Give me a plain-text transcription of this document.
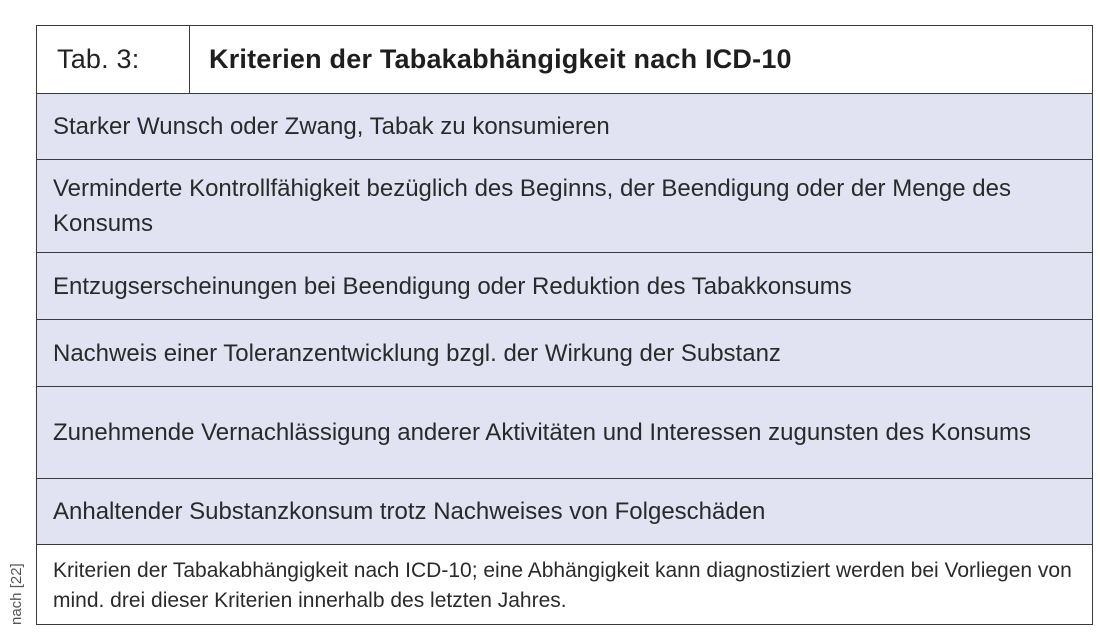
Tab. 3:	Kriterien der Tabakabhängigkeit nach ICD-10
Starker Wunsch oder Zwang, Tabak zu konsumieren
Verminderte Kontrollfähigkeit bezüglich des Beginns, der Beendigung oder der Menge des Konsums
Entzugserscheinungen bei Beendigung oder Reduktion des Tabakkonsums
Nachweis einer Toleranzentwicklung bzgl. der Wirkung der Substanz
Zunehmende Vernachlässigung anderer Aktivitäten und Interessen zugunsten des Konsums
Anhaltender Substanzkonsum trotz Nachweises von Folgeschäden
Kriterien der Tabakabhängigkeit nach ICD-10; eine Abhängigkeit kann diagnostiziert werden bei Vorliegen von mind. drei dieser Kriterien innerhalb des letzten Jahres.
nach [22]
